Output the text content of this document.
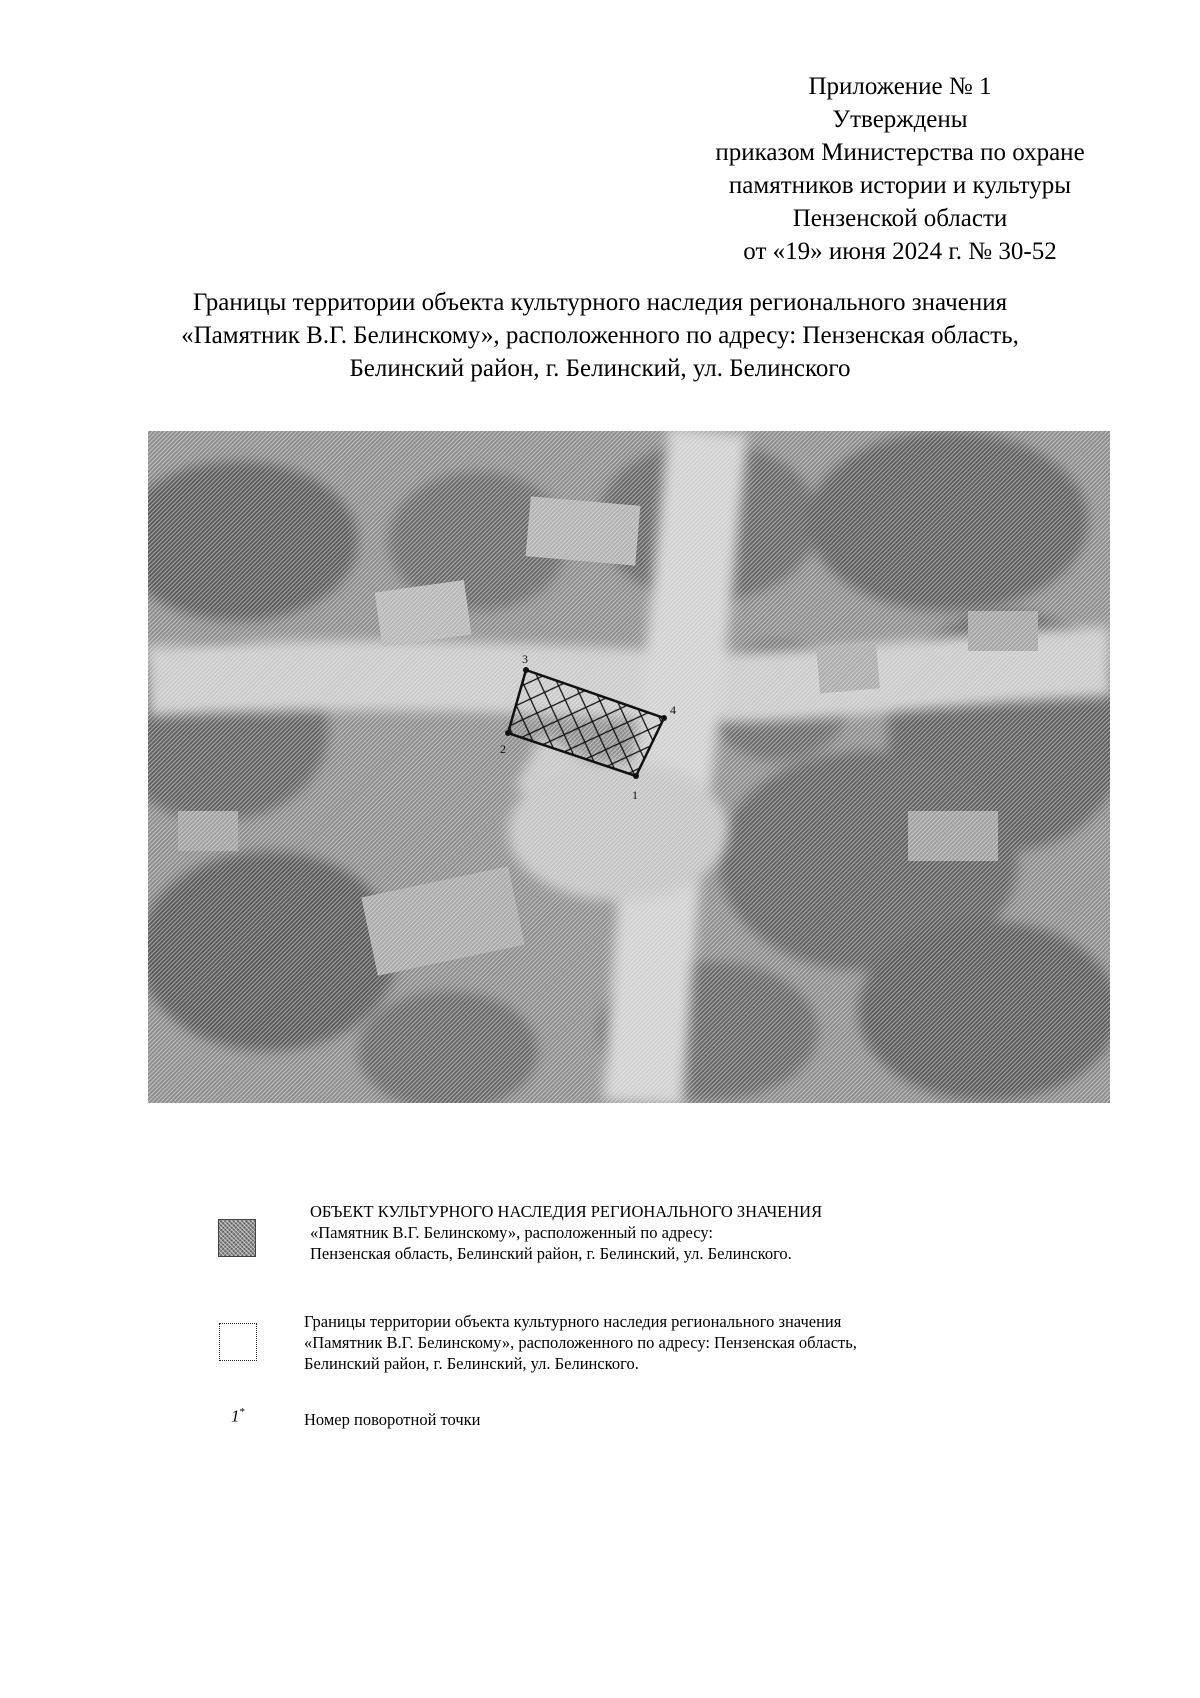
Приложение № 1
Утверждены
приказом Министерства по охране
памятников истории и культуры
Пензенской области
от «19» июня 2024 г. № 30-52
Границы территории объекта культурного наследия регионального значения
«Памятник В.Г. Белинскому», расположенного по адресу: Пензенская область,
Белинский район, г. Белинский, ул. Белинского
1
2
3
4
ОБЪЕКТ КУЛЬТУРНОГО НАСЛЕДИЯ РЕГИОНАЛЬНОГО ЗНАЧЕНИЯ
«Памятник В.Г. Белинскому», расположенный по адресу:
Пензенская область, Белинский район, г. Белинский, ул. Белинского.
Границы территории объекта культурного наследия регионального значения
«Памятник В.Г. Белинскому», расположенного по адресу: Пензенская область,
Белинский район, г. Белинский, ул. Белинского.
1*	Номер поворотной точки
